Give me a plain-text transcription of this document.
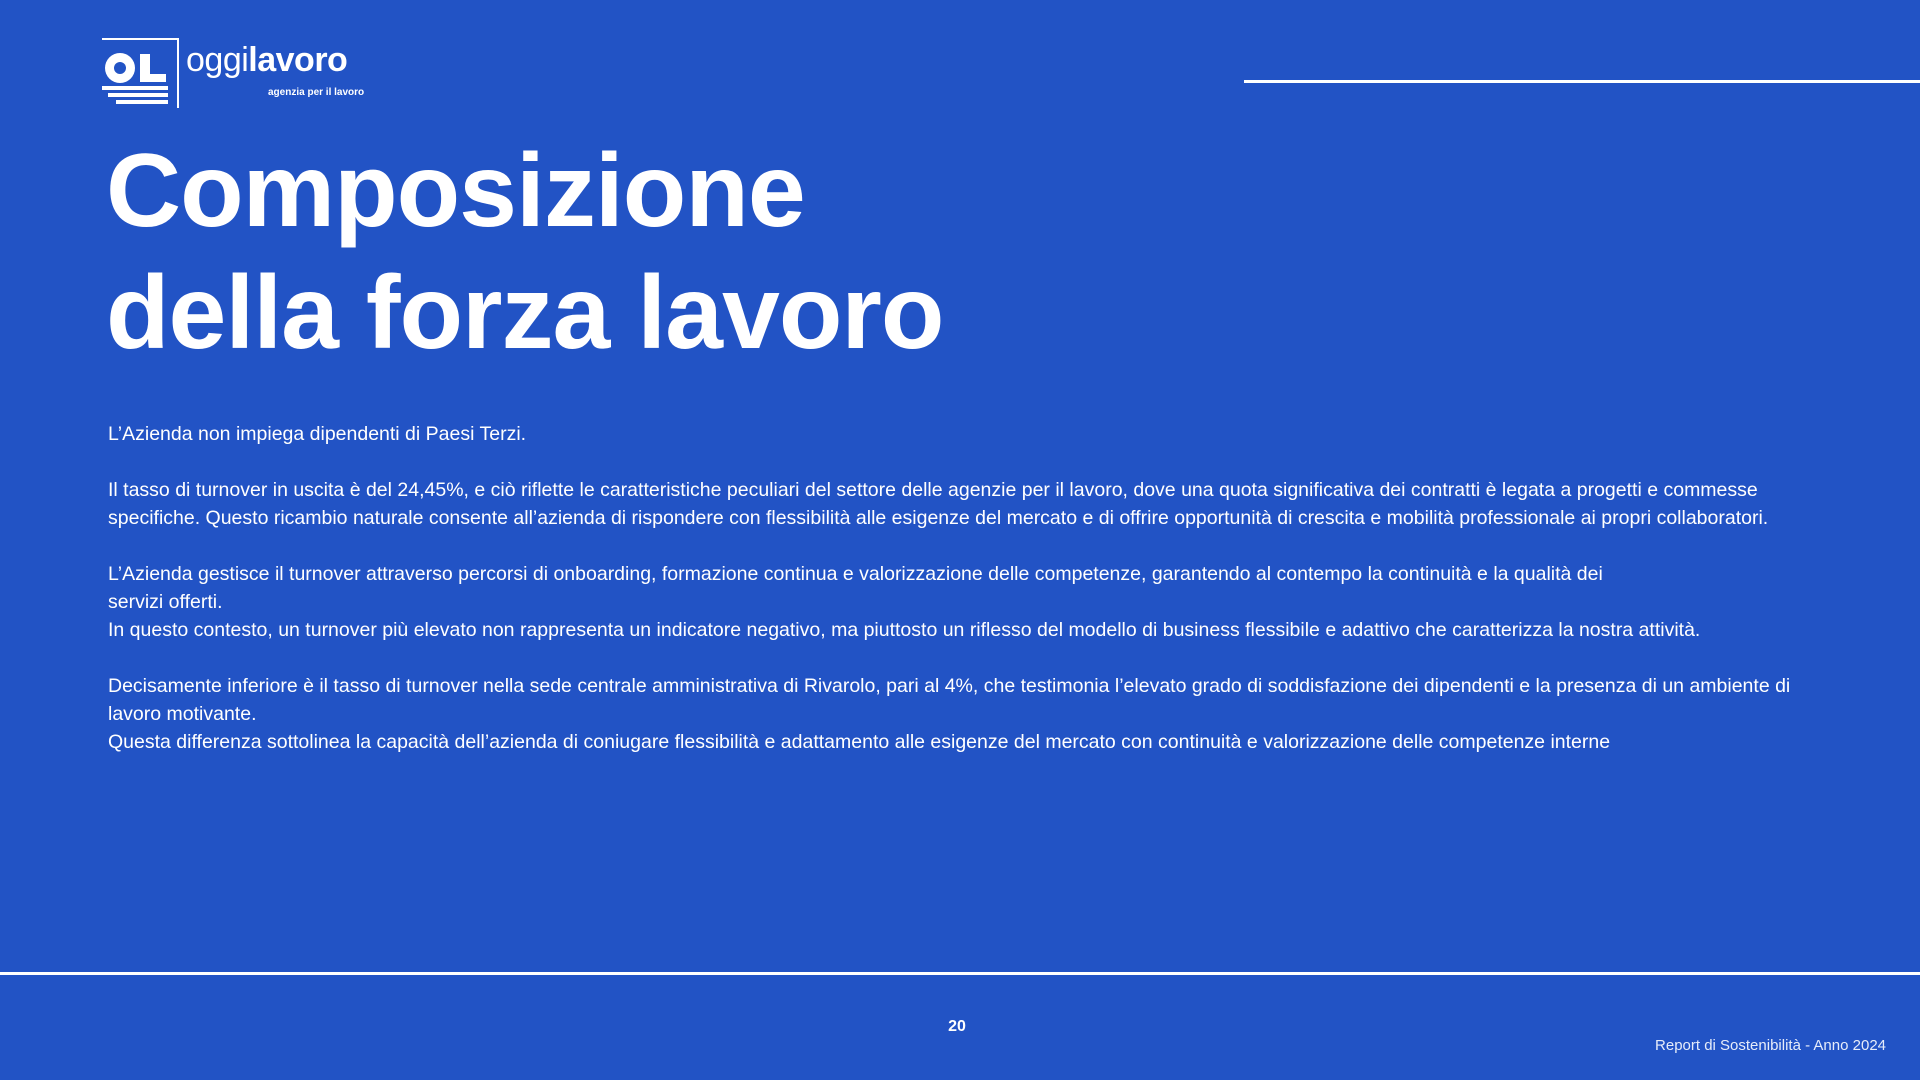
oggilavoro
agenzia per il lavoro
Composizione
della forza lavoro

L’Azienda non impiega dipendenti di Paesi Terzi.

Il tasso di turnover in uscita è del 24,45%, e ciò riflette le caratteristiche peculiari del settore delle agenzie per il lavoro, dove una quota significativa dei contratti è legata a progetti e commesse specifiche. Questo ricambio naturale consente all’azienda di rispondere con flessibilità alle esigenze del mercato e di offrire opportunità di crescita e mobilità professionale ai propri collaboratori.

L’Azienda gestisce il turnover attraverso percorsi di onboarding, formazione continua e valorizzazione delle competenze, garantendo al contempo la continuità e la qualità dei
servizi offerti.
In questo contesto, un turnover più elevato non rappresenta un indicatore negativo, ma piuttosto un riflesso del modello di business flessibile e adattivo che caratterizza la nostra attività.

Decisamente inferiore è il tasso di turnover nella sede centrale amministrativa di Rivarolo, pari al 4%, che testimonia l’elevato grado di soddisfazione dei dipendenti e la presenza di un ambiente di lavoro motivante.
Questa differenza sottolinea la capacità dell’azienda di coniugare flessibilità e adattamento alle esigenze del mercato con continuità e valorizzazione delle competenze interne

20
Report di Sostenibilità - Anno 2024
